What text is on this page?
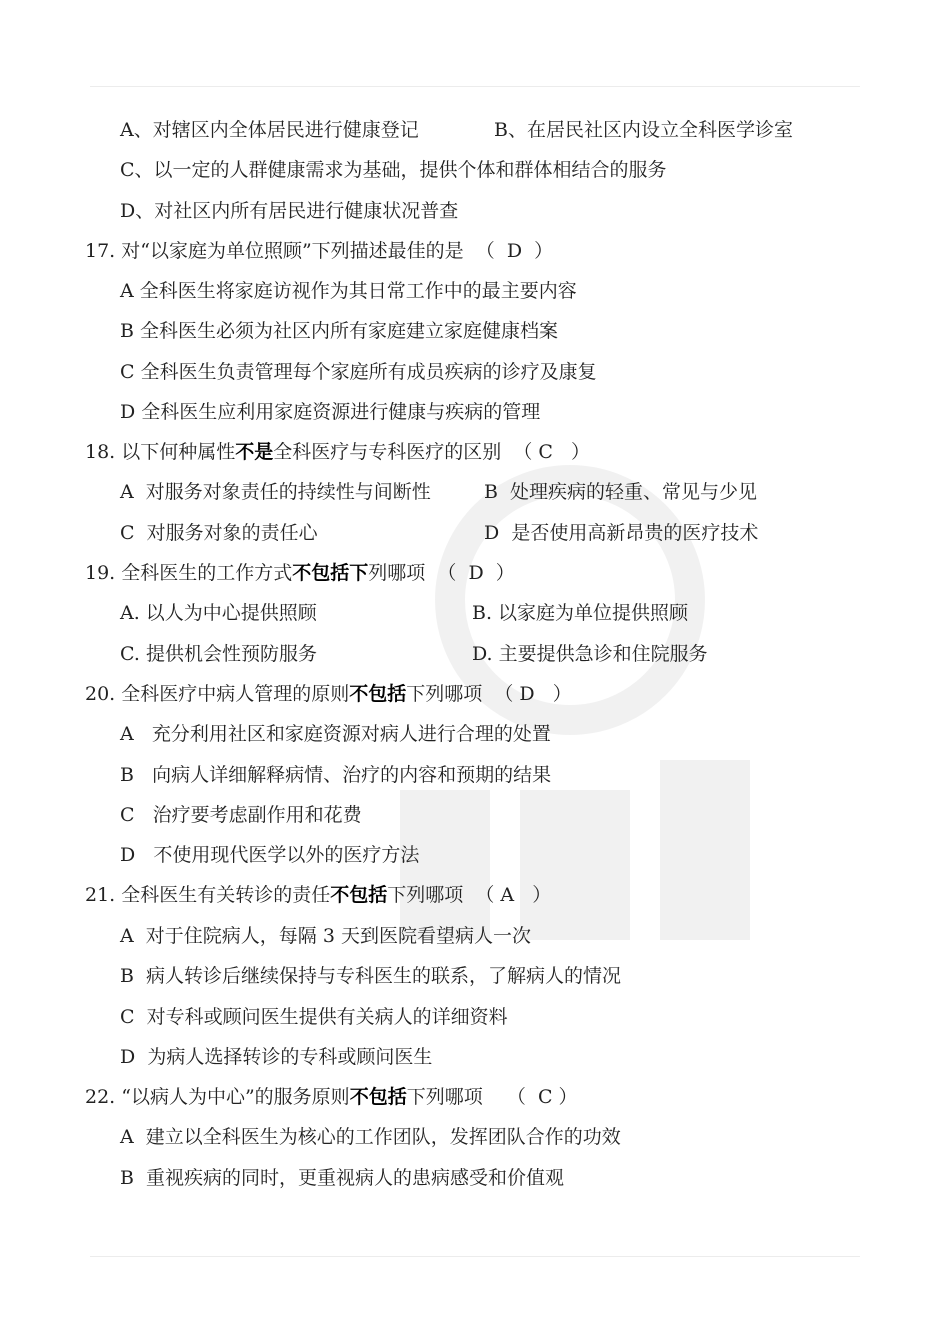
A、对辖区内全体居民进行健康登记	B、在居民社区内设立全科医学诊室
C、以一定的人群健康需求为基础，提供个体和群体相结合的服务
D、对社区内所有居民进行健康状况普查
17. 对“以家庭为单位照顾”下列描述最佳的是  （  D  ）
A 全科医生将家庭访视作为其日常工作中的最主要内容
B 全科医生必须为社区内所有家庭建立家庭健康档案
C 全科医生负责管理每个家庭所有成员疾病的诊疗及康复
D 全科医生应利用家庭资源进行健康与疾病的管理
18. 以下何种属性不是全科医疗与专科医疗的区别  （ C   ）
A  对服务对象责任的持续性与间断性	B  处理疾病的轻重、常见与少见
C  对服务对象的责任心	D  是否使用高新昂贵的医疗技术
19. 全科医生的工作方式不包括下列哪项  （  D  ）
A. 以人为中心提供照顾	B. 以家庭为单位提供照顾
C. 提供机会性预防服务	D. 主要提供急诊和住院服务
20. 全科医疗中病人管理的原则不包括下列哪项  （ D   ）
A   充分利用社区和家庭资源对病人进行合理的处置
B   向病人详细解释病情、治疗的内容和预期的结果
C   治疗要考虑副作用和花费
D   不使用现代医学以外的医疗方法
21. 全科医生有关转诊的责任不包括下列哪项  （ A   ）
A  对于住院病人，每隔 3 天到医院看望病人一次
B  病人转诊后继续保持与专科医生的联系，了解病人的情况
C  对专科或顾问医生提供有关病人的详细资料
D  为病人选择转诊的专科或顾问医生
22. “以病人为中心”的服务原则不包括下列哪项    （  C ）
A  建立以全科医生为核心的工作团队，发挥团队合作的功效
B  重视疾病的同时，更重视病人的患病感受和价值观
